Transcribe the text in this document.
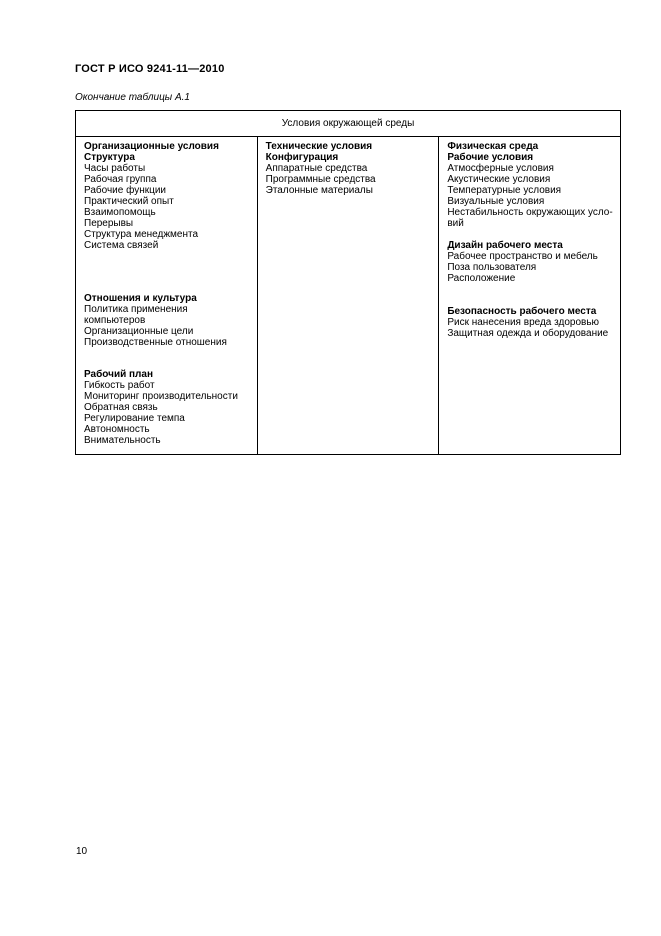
ГОСТ Р ИСО 9241-11—2010
Окончание таблицы А.1
Условия окружающей среды

Организационные условия
Структура
Часы работы
Рабочая группа
Рабочие функции
Практический опыт
Взаимопомощь
Перерывы
Структура менеджмента
Система связей
Отношения и культура
Политика применения компьютеров
Организационные цели
Производственные отношения
Рабочий план
Гибкость работ
Мониторинг производительности
Обратная связь
Регулирование темпа
Автономность
Внимательность

Технические условия
Конфигурация
Аппаратные средства
Программные средства
Эталонные материалы

Физическая среда
Рабочие условия
Атмосферные условия
Акустические условия
Температурные условия
Визуальные условия
Нестабильность окружающих усло-
вий
Дизайн рабочего места
Рабочее пространство и мебель
Поза пользователя
Расположение
Безопасность рабочего места
Риск нанесения вреда здоровью
Защитная одежда и оборудование
10
